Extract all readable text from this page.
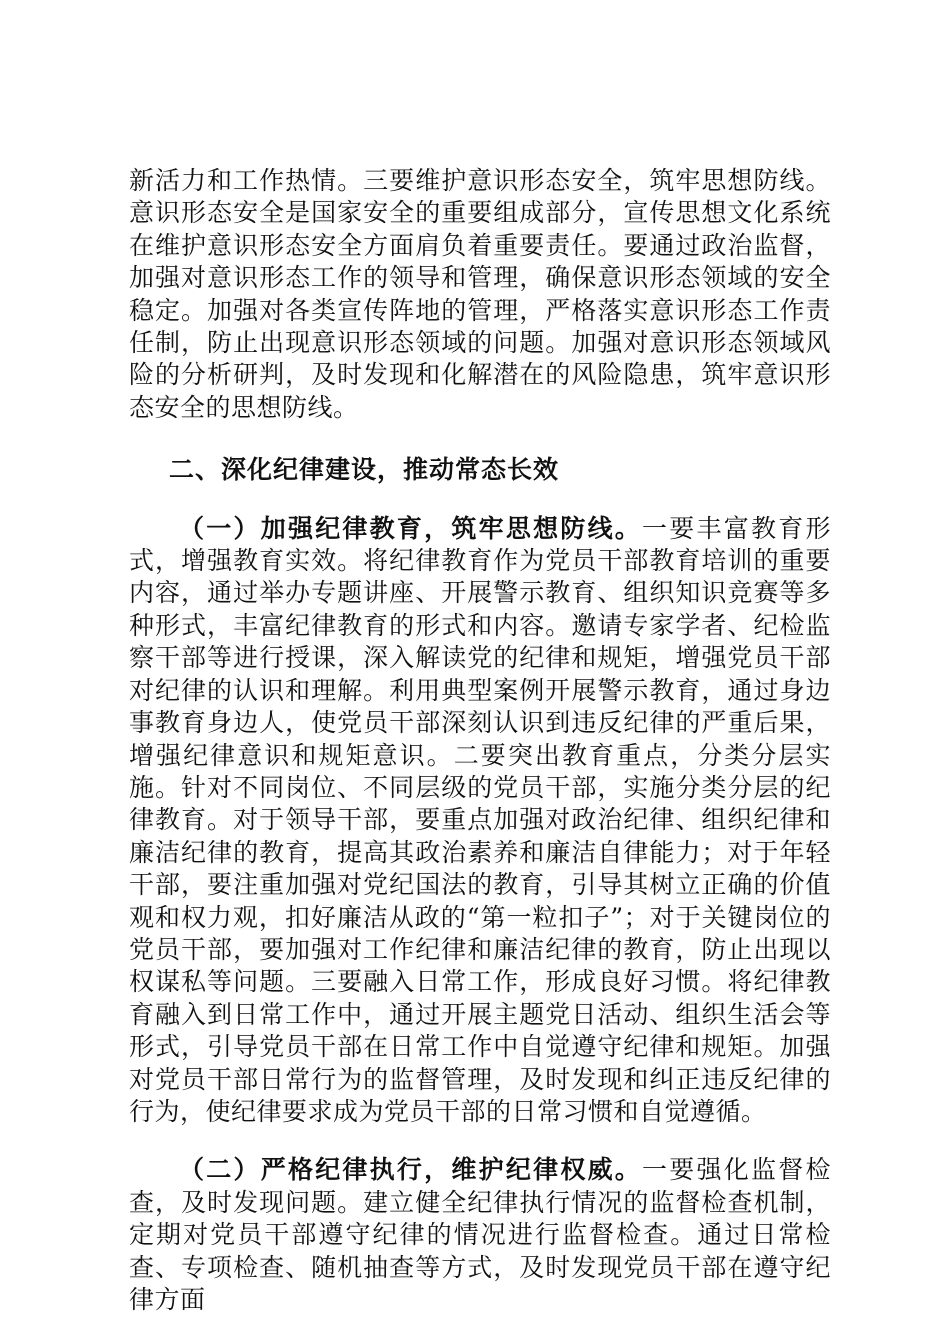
新活力和工作热情。三要维护意识形态安全，筑牢思想防线。意识形态安全是国家安全的重要组成部分，宣传思想文化系统在维护意识形态安全方面肩负着重要责任。要通过政治监督，加强对意识形态工作的领导和管理，确保意识形态领域的安全稳定。加强对各类宣传阵地的管理，严格落实意识形态工作责任制，防止出现意识形态领域的问题。加强对意识形态领域风险的分析研判，及时发现和化解潜在的风险隐患，筑牢意识形态安全的思想防线。

二、深化纪律建设，推动常态长效

（一）加强纪律教育，筑牢思想防线。一要丰富教育形式，增强教育实效。将纪律教育作为党员干部教育培训的重要内容，通过举办专题讲座、开展警示教育、组织知识竞赛等多种形式，丰富纪律教育的形式和内容。邀请专家学者、纪检监察干部等进行授课，深入解读党的纪律和规矩，增强党员干部对纪律的认识和理解。利用典型案例开展警示教育，通过身边事教育身边人，使党员干部深刻认识到违反纪律的严重后果，增强纪律意识和规矩意识。二要突出教育重点，分类分层实施。针对不同岗位、不同层级的党员干部，实施分类分层的纪律教育。对于领导干部，要重点加强对政治纪律、组织纪律和廉洁纪律的教育，提高其政治素养和廉洁自律能力；对于年轻干部，要注重加强对党纪国法的教育，引导其树立正确的价值观和权力观，扣好廉洁从政的“第一粒扣子”；对于关键岗位的党员干部，要加强对工作纪律和廉洁纪律的教育，防止出现以权谋私等问题。三要融入日常工作，形成良好习惯。将纪律教育融入到日常工作中，通过开展主题党日活动、组织生活会等形式，引导党员干部在日常工作中自觉遵守纪律和规矩。加强对党员干部日常行为的监督管理，及时发现和纠正违反纪律的行为，使纪律要求成为党员干部的日常习惯和自觉遵循。

（二）严格纪律执行，维护纪律权威。一要强化监督检查，及时发现问题。建立健全纪律执行情况的监督检查机制，定期对党员干部遵守纪律的情况进行监督检查。通过日常检查、专项检查、随机抽查等方式，及时发现党员干部在遵守纪律方面
